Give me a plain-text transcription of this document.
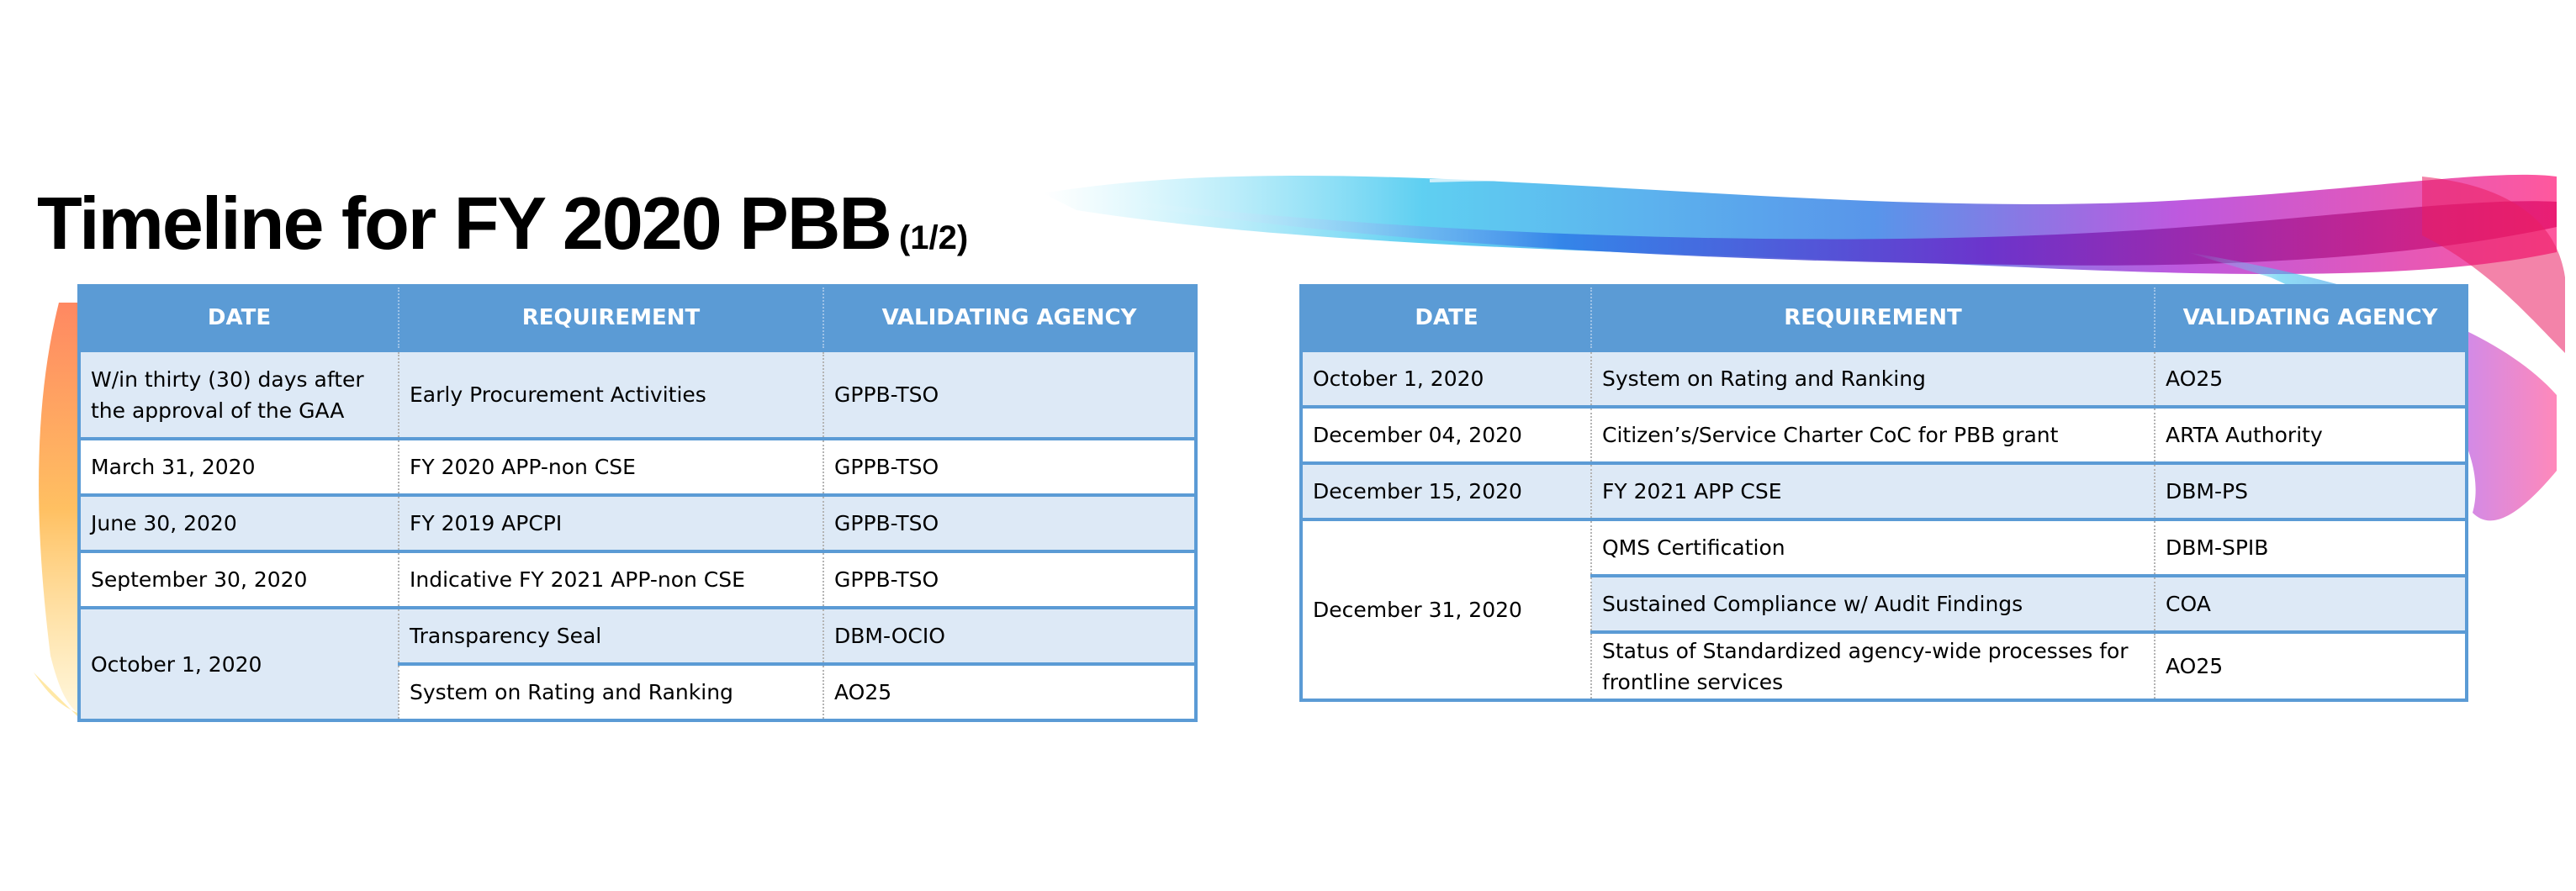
Timeline for FY 2020 PBB (1/2)
DATE	REQUIREMENT	VALIDATING AGENCY
W/in thirty (30) days after the approval of the GAA	Early Procurement Activities	GPPB-TSO
March 31, 2020	FY 2020 APP-non CSE	GPPB-TSO
June 30, 2020	FY 2019 APCPI	GPPB-TSO
September 30, 2020	Indicative FY 2021 APP-non CSE	GPPB-TSO
October 1, 2020	Transparency Seal	DBM-OCIO
	System on Rating and Ranking	AO25
DATE	REQUIREMENT	VALIDATING AGENCY
October 1, 2020	System on Rating and Ranking	AO25
December 04, 2020	Citizen’s/Service Charter CoC for PBB grant	ARTA Authority
December 15, 2020	FY 2021 APP CSE	DBM-PS
December 31, 2020	QMS Certification	DBM-SPIB
	Sustained Compliance w/ Audit Findings	COA
	Status of Standardized agency-wide processes for frontline services	AO25
